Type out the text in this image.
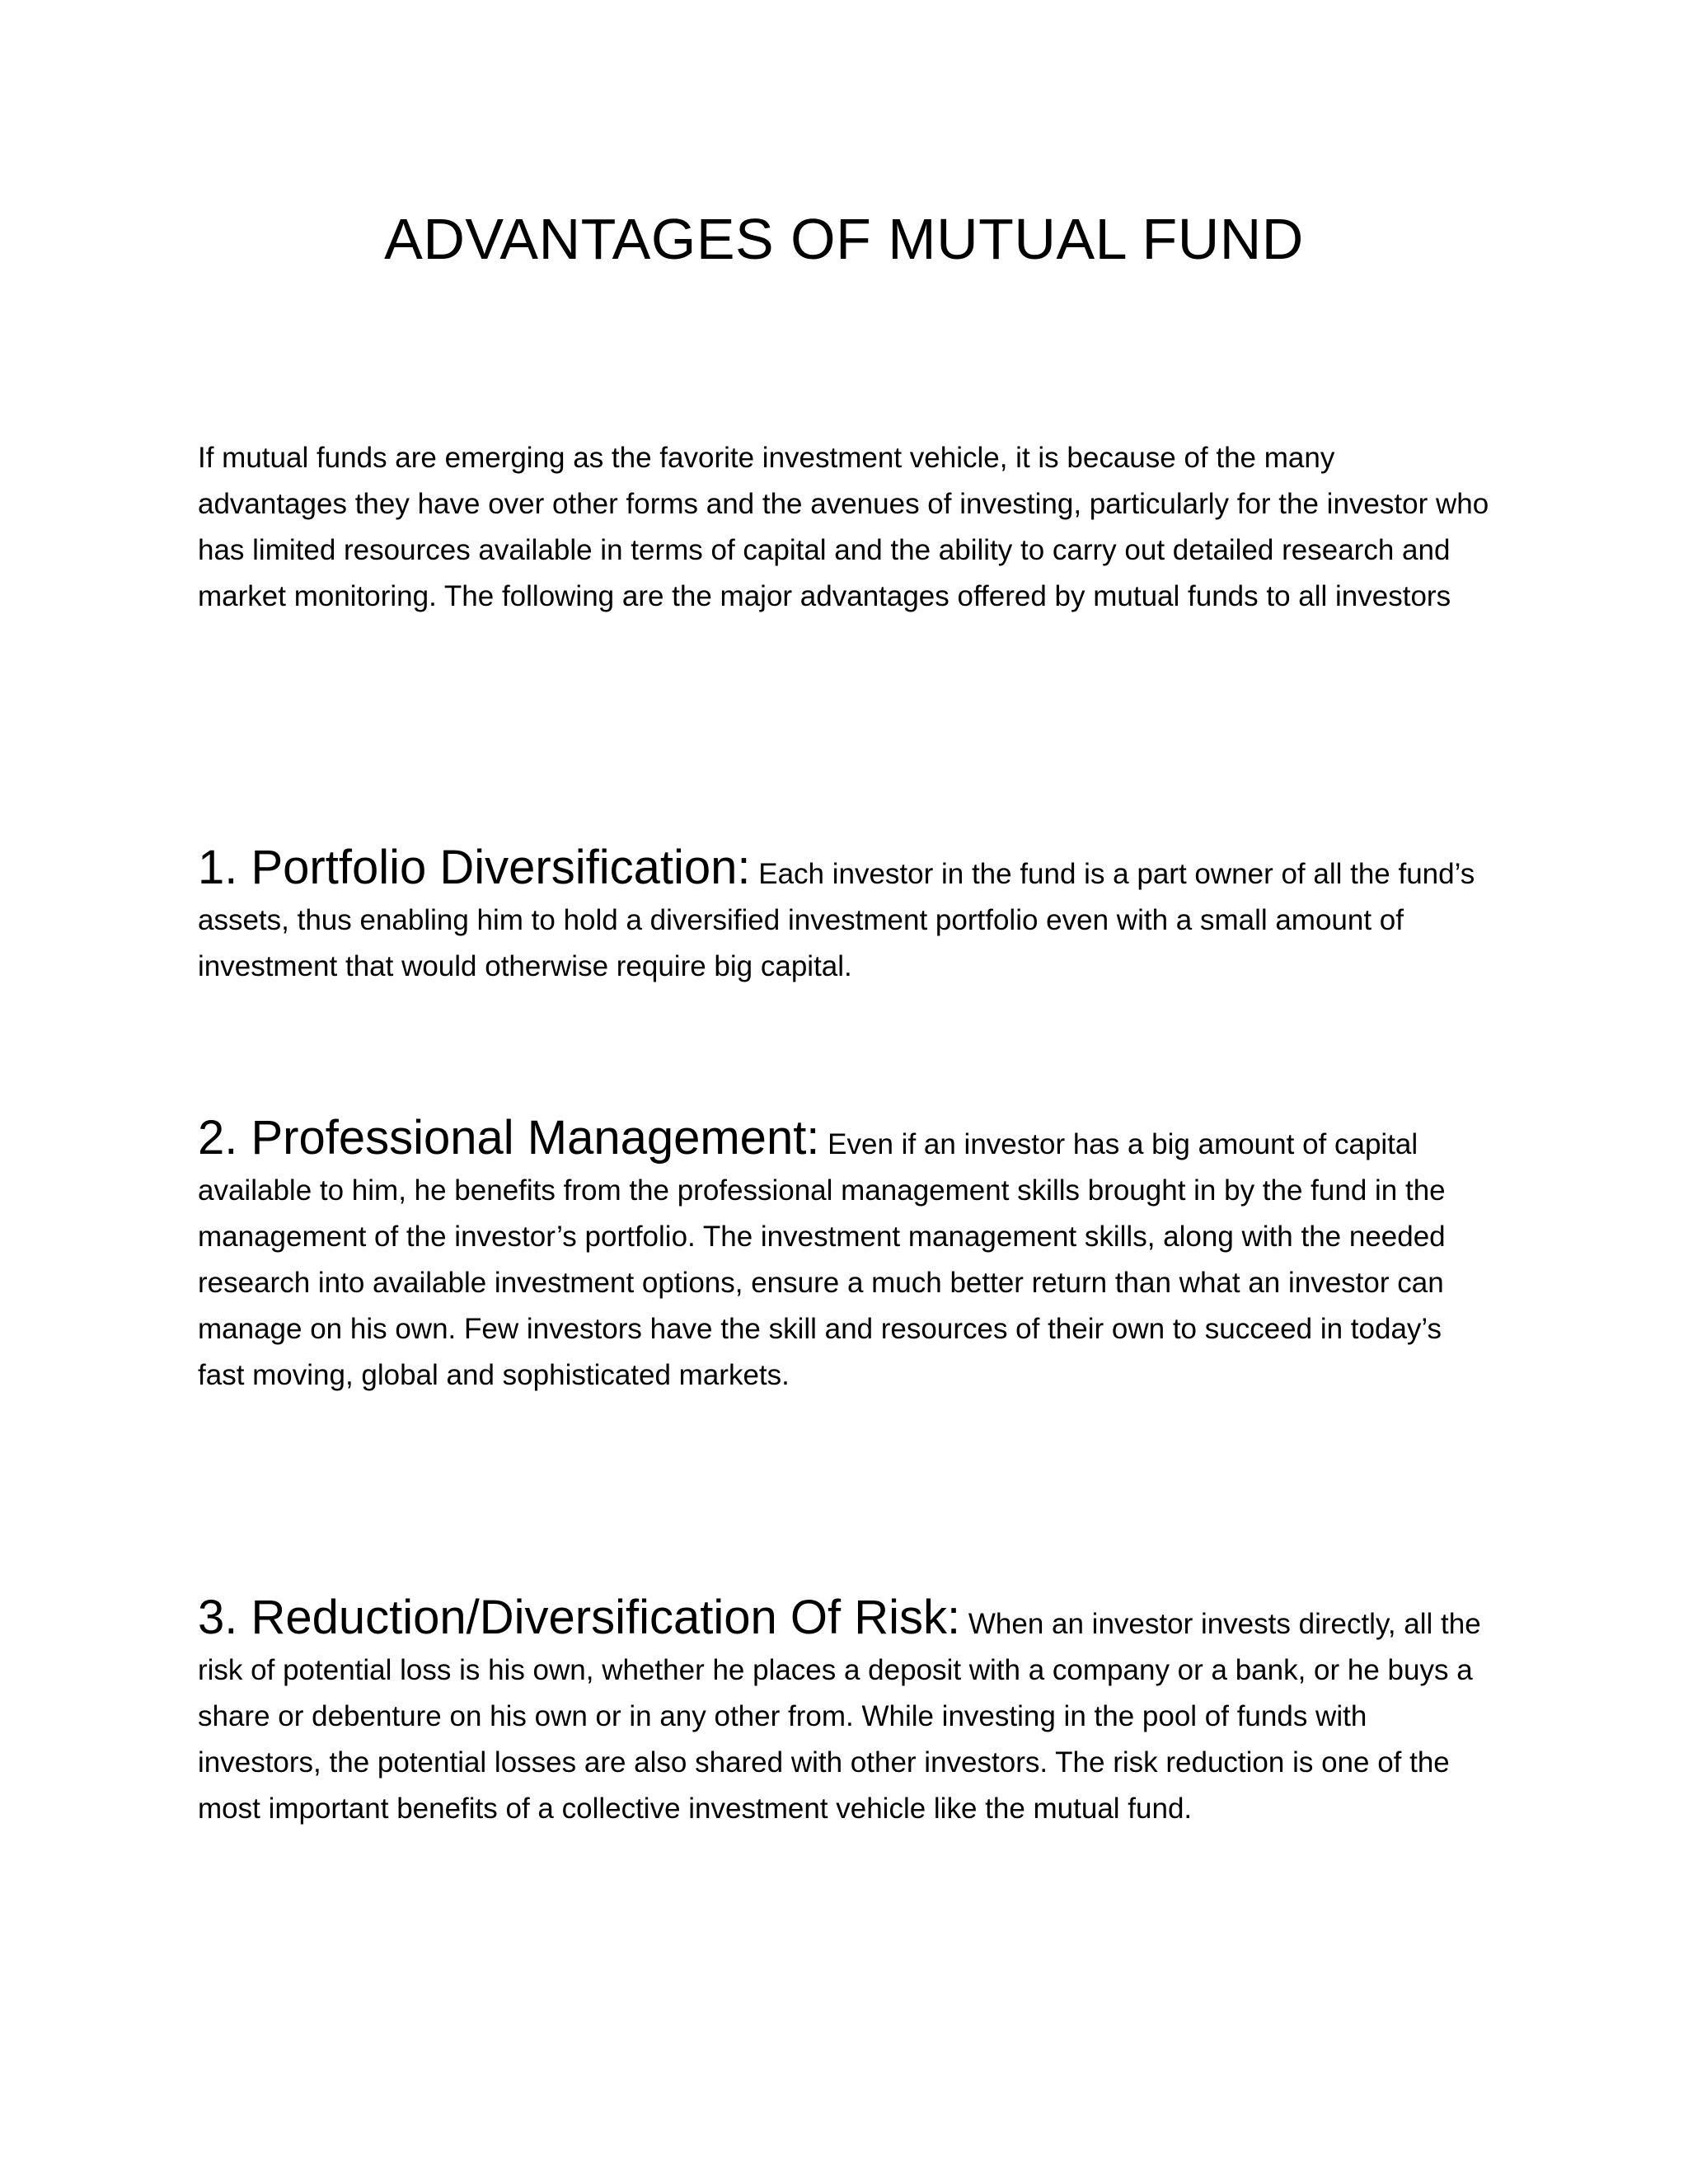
ADVANTAGES OF MUTUAL FUND

If mutual funds are emerging as the favorite investment vehicle, it is because of the many advantages they have over other forms and the avenues of investing, particularly for the investor who has limited resources available in terms of capital and the ability to carry out detailed research and market monitoring. The following are the major advantages offered by mutual funds to all investors

1. Portfolio Diversification: Each investor in the fund is a part owner of all the fund’s assets, thus enabling him to hold a diversified investment portfolio even with a small amount of investment that would otherwise require big capital.

2. Professional Management: Even if an investor has a big amount of capital available to him, he benefits from the professional management skills brought in by the fund in the management of the investor’s portfolio. The investment management skills, along with the needed research into available investment options, ensure a much better return than what an investor can manage on his own. Few investors have the skill and resources of their own to succeed in today’s fast moving, global and sophisticated markets.

3. Reduction/Diversification Of Risk: When an investor invests directly, all the risk of potential loss is his own, whether he places a deposit with a company or a bank, or he buys a share or debenture on his own or in any other from. While investing in the pool of funds with investors, the potential losses are also shared with other investors. The risk reduction is one of the most important benefits of a collective investment vehicle like the mutual fund.
